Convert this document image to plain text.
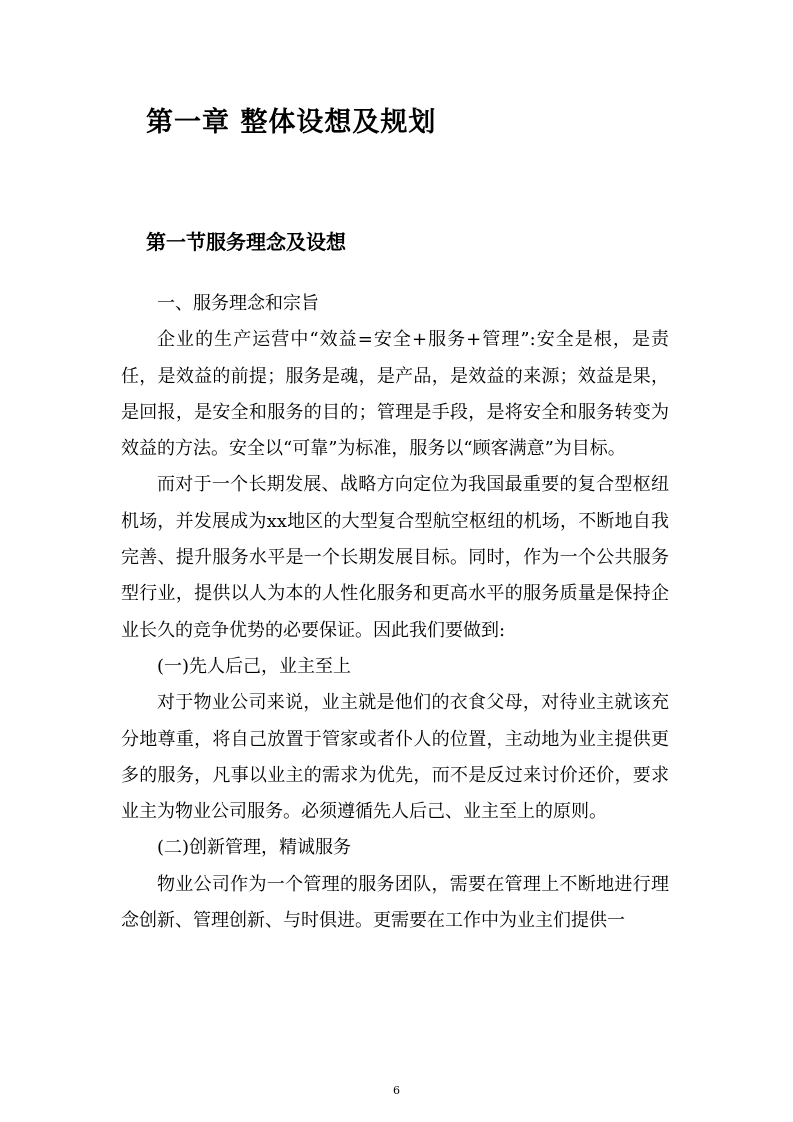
第一章 整体设想及规划
第一节服务理念及设想

一、服务理念和宗旨

企业的生产运营中“效益=安全+服务+管理”:安全是根，是责任，是效益的前提；服务是魂，是产品，是效益的来源；效益是果，是回报，是安全和服务的目的；管理是手段，是将安全和服务转变为效益的方法。安全以“可靠”为标准，服务以“顾客满意”为目标。

而对于一个长期发展、战略方向定位为我国最重要的复合型枢纽机场，并发展成为xx地区的大型复合型航空枢纽的机场，不断地自我完善、提升服务水平是一个长期发展目标。同时，作为一个公共服务型行业，提供以人为本的人性化服务和更高水平的服务质量是保持企业长久的竞争优势的必要保证。因此我们要做到:

(一)先人后己，业主至上

对于物业公司来说，业主就是他们的衣食父母，对待业主就该充分地尊重，将自己放置于管家或者仆人的位置，主动地为业主提供更多的服务，凡事以业主的需求为优先，而不是反过来讨价还价，要求业主为物业公司服务。必须遵循先人后己、业主至上的原则。

(二)创新管理，精诚服务

物业公司作为一个管理的服务团队，需要在管理上不断地进行理念创新、管理创新、与时俱进。更需要在工作中为业主们提供一

6
